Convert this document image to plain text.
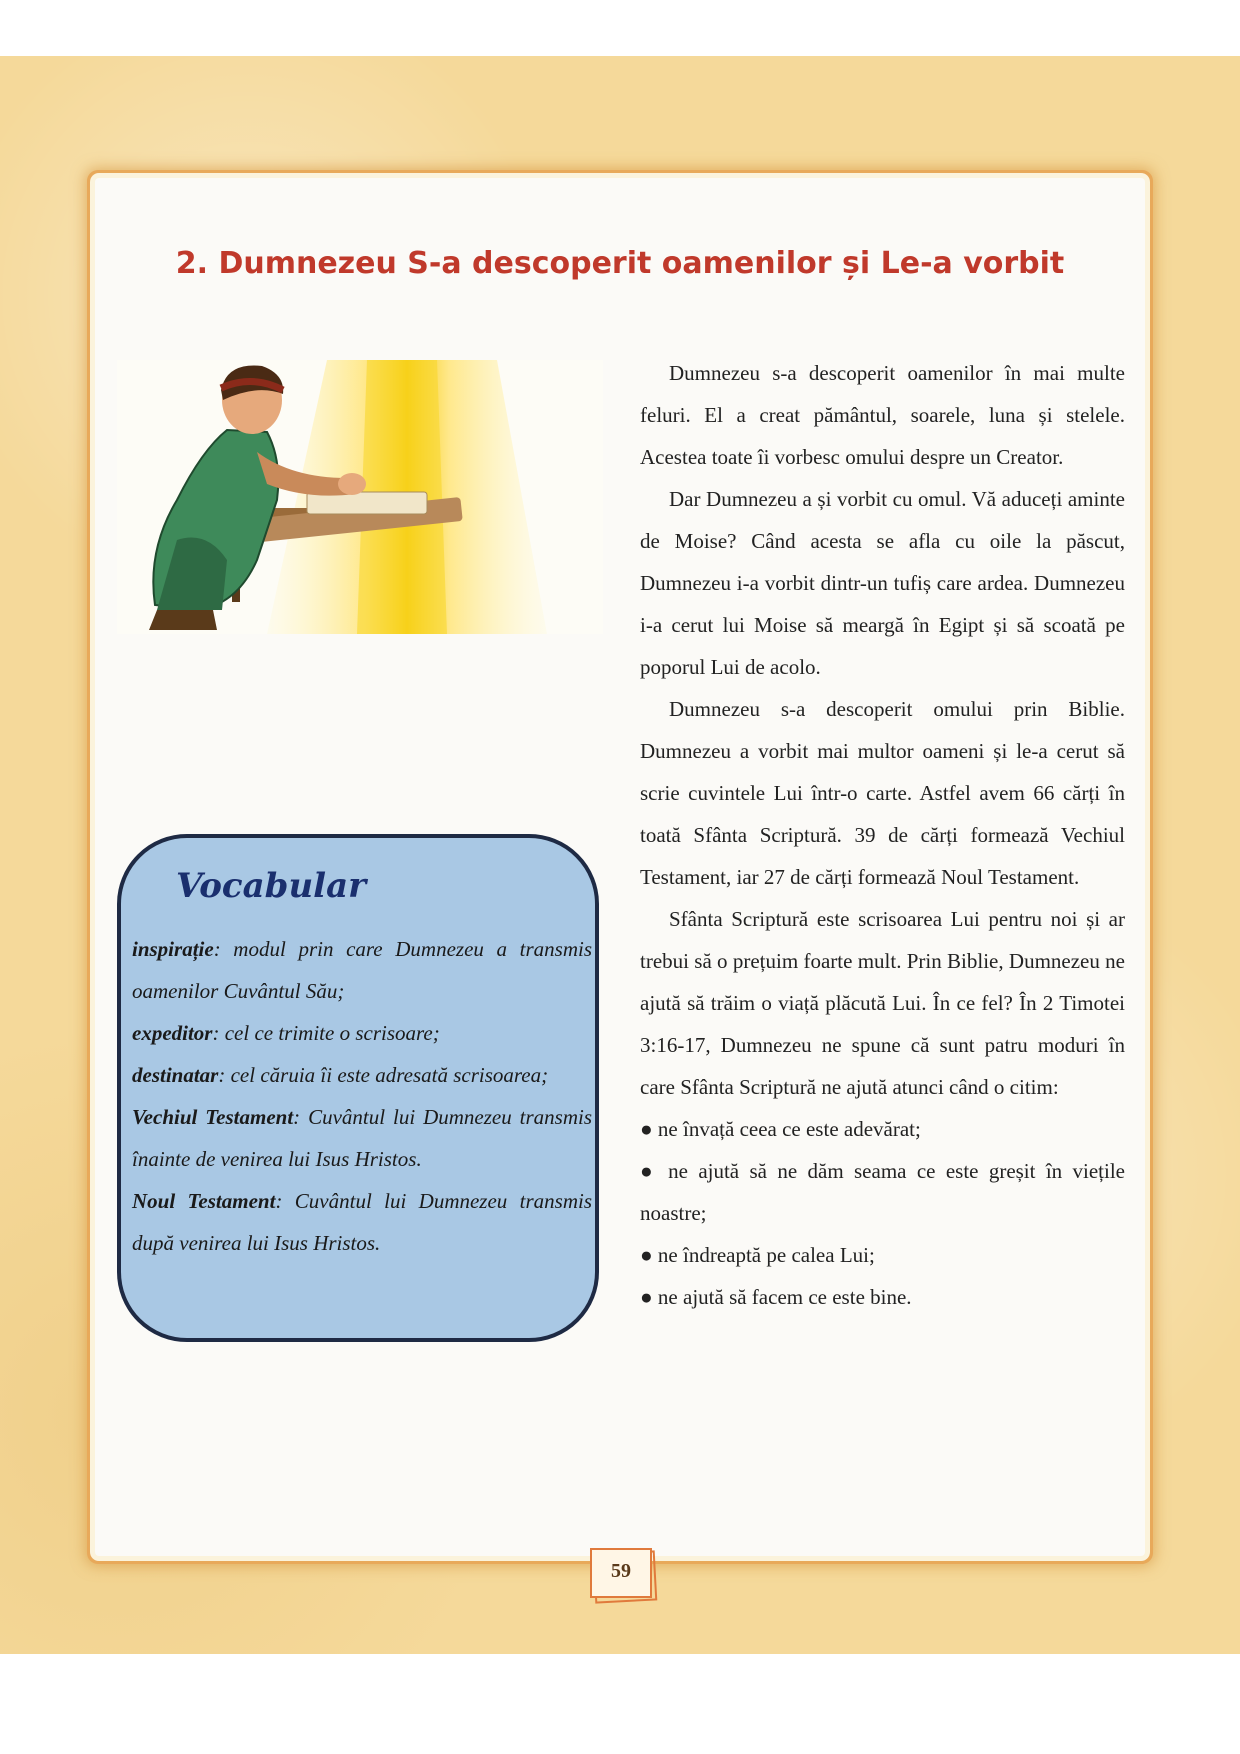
2. Dumnezeu S-a descoperit oamenilor și Le-a vorbit

Dumnezeu s-a descoperit oamenilor în mai multe feluri. El a creat pământul, soarele, luna și stelele. Acestea toate îi vorbesc omului despre un Creator.

Dar Dumnezeu a și vorbit cu omul. Vă aduceți aminte de Moise? Când acesta se afla cu oile la păscut, Dumnezeu i-a vorbit dintr-un tufiș care ardea. Dumnezeu i-a cerut lui Moise să meargă în Egipt și să scoată pe poporul Lui de acolo.

Dumnezeu s-a descoperit omului prin Biblie. Dumnezeu a vorbit mai multor oameni și le-a cerut să scrie cuvintele Lui într-o carte. Astfel avem 66 cărți în toată Sfânta Scriptură. 39 de cărți formează Vechiul Testament, iar 27 de cărți formează Noul Testament.

Sfânta Scriptură este scrisoarea Lui pentru noi și ar trebui să o prețuim foarte mult. Prin Biblie, Dumnezeu ne ajută să trăim o viață plăcută Lui. În ce fel? În 2 Timotei 3:16-17, Dumnezeu ne spune că sunt patru moduri în care Sfânta Scriptură ne ajută atunci când o citim:

● ne învață ceea ce este adevărat;

● ne ajută să ne dăm seama ce este greșit în viețile noastre;

● ne îndreaptă pe calea Lui;

● ne ajută să facem ce este bine.

Vocabular

inspirație: modul prin care Dumnezeu a transmis oamenilor Cuvântul Său;

expeditor: cel ce trimite o scrisoare;

destinatar: cel căruia îi este adresată scrisoarea;

Vechiul Testament: Cuvântul lui Dumnezeu transmis înainte de venirea lui Isus Hristos.

Noul Testament: Cuvântul lui Dumnezeu transmis după venirea lui Isus Hristos.

59
